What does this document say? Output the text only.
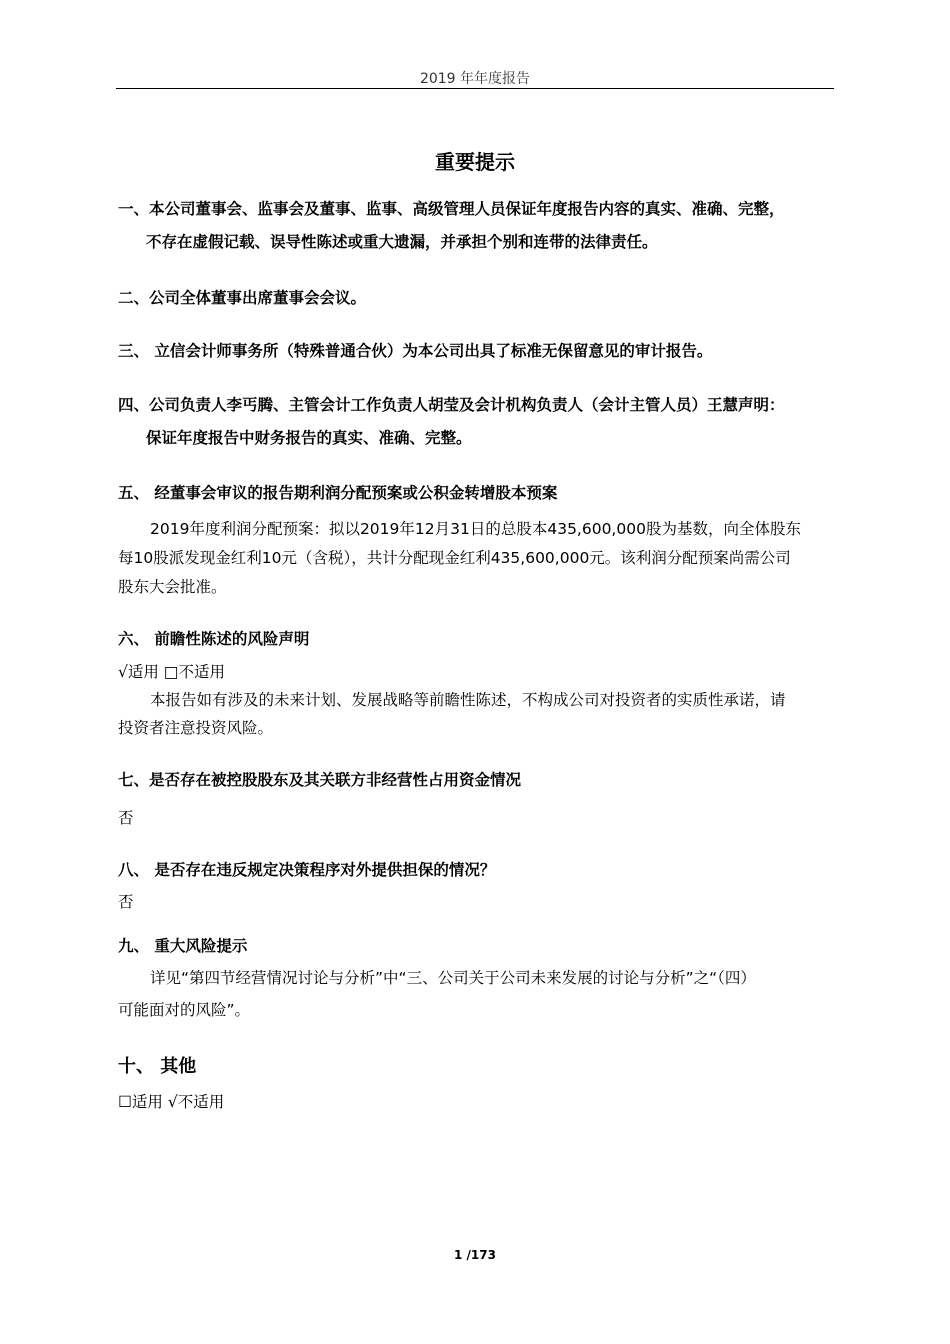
2019 年年度报告
重要提示
一、本公司董事会、监事会及董事、监事、高级管理人员保证年度报告内容的真实、准确、完整，
不存在虚假记载、误导性陈述或重大遗漏，并承担个别和连带的法律责任。
二、公司全体董事出席董事会会议。
三、 立信会计师事务所（特殊普通合伙）为本公司出具了标准无保留意见的审计报告。
四、公司负责人李丐腾、主管会计工作负责人胡莹及会计机构负责人（会计主管人员）王慧声明：
保证年度报告中财务报告的真实、准确、完整。
五、 经董事会审议的报告期利润分配预案或公积金转增股本预案
2019年度利润分配预案：拟以2019年12月31日的总股本435,600,000股为基数，向全体股东
每10股派发现金红利10元（含税），共计分配现金红利435,600,000元。该利润分配预案尚需公司
股东大会批准。
六、 前瞻性陈述的风险声明
√适用 □不适用
本报告如有涉及的未来计划、发展战略等前瞻性陈述，不构成公司对投资者的实质性承诺，请
投资者注意投资风险。
七、是否存在被控股股东及其关联方非经营性占用资金情况
否
八、 是否存在违反规定决策程序对外提供担保的情况？
否
九、 重大风险提示
详见“第四节经营情况讨论与分析”中“三、公司关于公司未来发展的讨论与分析”之“（四）
可能面对的风险”。
十、 其他
☐适用 √不适用
1 /173
